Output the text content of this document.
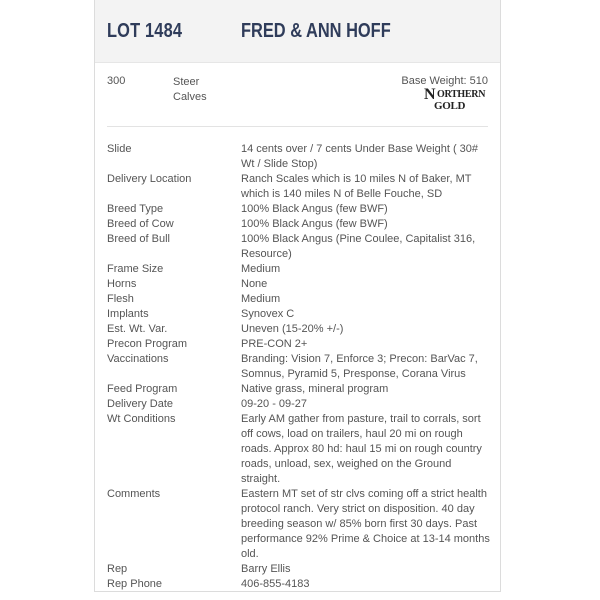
LOT 1484	FRED & ANN HOFF
300	Steer
Calves
Base Weight: 510
N ORTHERN
GOLD
Slide	14 cents over / 7 cents Under Base Weight ( 30# Wt / Slide Stop)
Delivery Location	Ranch Scales which is 10 miles N of Baker, MT which is 140 miles N of Belle Fouche, SD
Breed Type	100% Black Angus (few BWF)
Breed of Cow	100% Black Angus (few BWF)
Breed of Bull	100% Black Angus (Pine Coulee, Capitalist 316, Resource)
Frame Size	Medium
Horns	None
Flesh	Medium
Implants	Synovex C
Est. Wt. Var.	Uneven (15-20% +/-)
Precon Program	PRE-CON 2+
Vaccinations	Branding: Vision 7, Enforce 3; Precon: BarVac 7, Somnus, Pyramid 5, Presponse, Corana Virus
Feed Program	Native grass, mineral program
Delivery Date	09-20 - 09-27
Wt Conditions	Early AM gather from pasture, trail to corrals, sort off cows, load on trailers, haul 20 mi on rough roads. Approx 80 hd: haul 15 mi on rough country roads, unload, sex, weighed on the Ground straight.
Comments	Eastern MT set of str clvs coming off a strict health protocol ranch. Very strict on disposition. 40 day breeding season w/ 85% born first 30 days. Past performance 92% Prime & Choice at 13-14 months old.
Rep	Barry Ellis
Rep Phone	406-855-4183
